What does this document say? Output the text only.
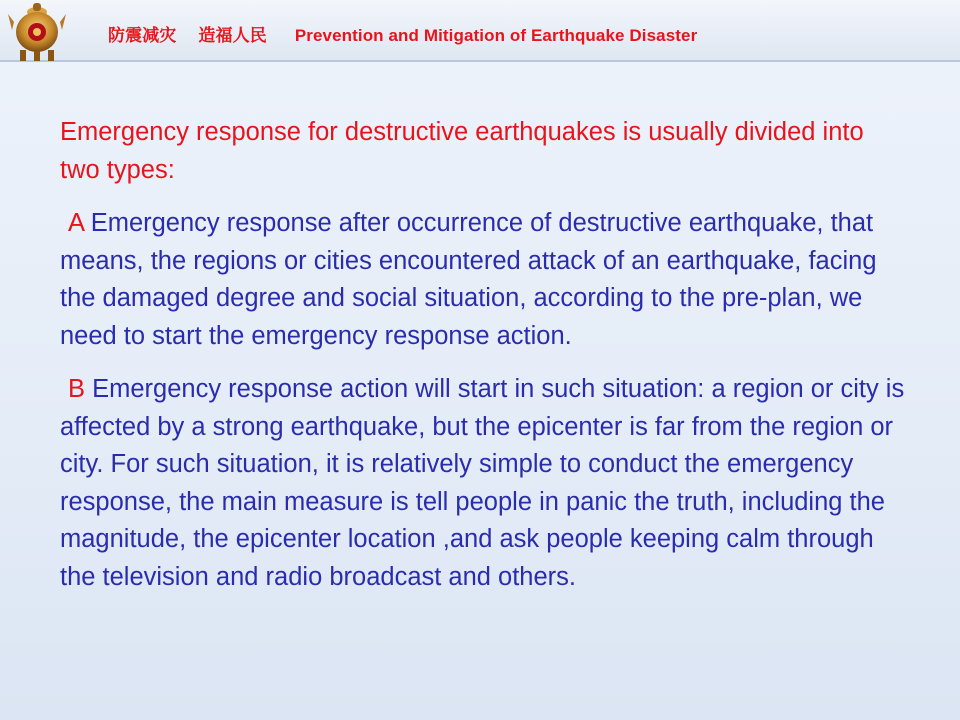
防震减灾 造福人民 Prevention and Mitigation of Earthquake Disaster

Emergency response for destructive earthquakes is usually divided into two types:

A Emergency response after occurrence of destructive earthquake, that means, the regions or cities encountered attack of an earthquake, facing the damaged degree and social situation, according to the pre-plan, we need to start the emergency response action.

B Emergency response action will start in such situation: a region or city is affected by a strong earthquake, but the epicenter is far from the region or city. For such situation, it is relatively simple to conduct the emergency response, the main measure is tell people in panic the truth, including the magnitude, the epicenter location ,and ask people keeping calm through the television and radio broadcast and others.
